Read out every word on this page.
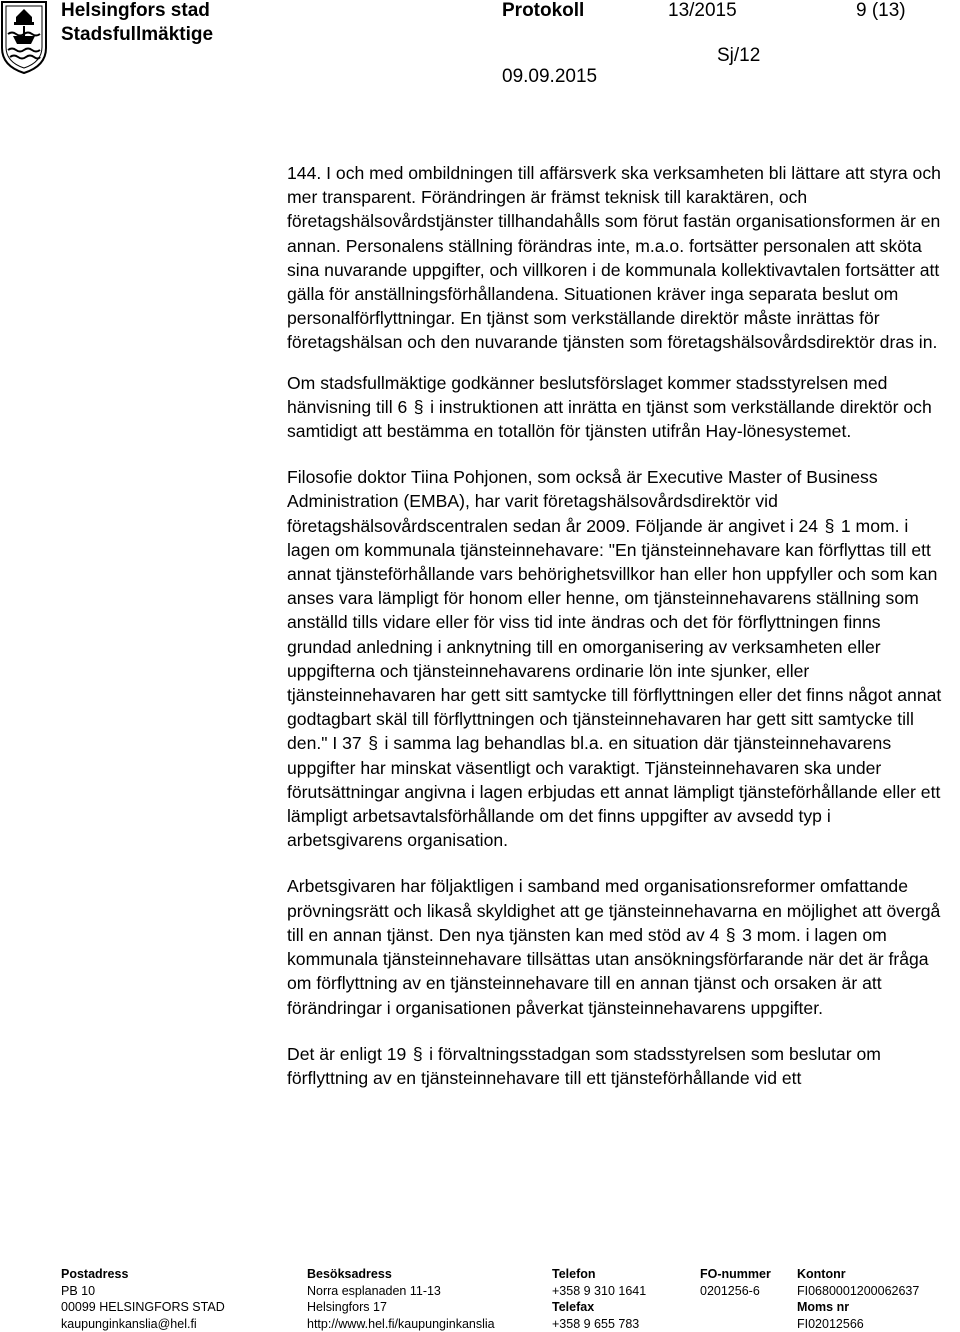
Helsingfors stad
Stadsfullmäktige
Protokoll	13/2015	9 (13)
Sj/12
09.09.2015

144. I och med ombildningen till affärsverk ska verksamheten bli lättare att styra och mer transparent. Förändringen är främst teknisk till karaktären, och företagshälsovårdstjänster tillhandahålls som förut fastän organisationsformen är en annan. Personalens ställning förändras inte, m.a.o. fortsätter personalen att sköta sina nuvarande uppgifter, och villkoren i de kommunala kollektivavtalen fortsätter att gälla för anställningsförhållandena. Situationen kräver inga separata beslut om personalförflyttningar. En tjänst som verkställande direktör måste inrättas för företagshälsan och den nuvarande tjänsten som företagshälsovårdsdirektör dras in.

Om stadsfullmäktige godkänner beslutsförslaget kommer stadsstyrelsen med hänvisning till 6 § i instruktionen att inrätta en tjänst som verkställande direktör och samtidigt att bestämma en totallön för tjänsten utifrån Hay-lönesystemet.

Filosofie doktor Tiina Pohjonen, som också är Executive Master of Business Administration (EMBA), har varit företagshälsovårdsdirektör vid företagshälsovårdscentralen sedan år 2009. Följande är angivet i 24 § 1 mom. i lagen om kommunala tjänsteinnehavare: "En tjänsteinnehavare kan förflyttas till ett annat tjänsteförhållande vars behörighetsvillkor han eller hon uppfyller och som kan anses vara lämpligt för honom eller henne, om tjänsteinnehavarens ställning som anställd tills vidare eller för viss tid inte ändras och det för förflyttningen finns grundad anledning i anknytning till en omorganisering av verksamheten eller uppgifterna och tjänsteinnehavarens ordinarie lön inte sjunker, eller tjänsteinnehavaren har gett sitt samtycke till förflyttningen eller det finns något annat godtagbart skäl till förflyttningen och tjänsteinnehavaren har gett sitt samtycke till den." I 37 § i samma lag behandlas bl.a. en situation där tjänsteinnehavarens uppgifter har minskat väsentligt och varaktigt. Tjänsteinnehavaren ska under förutsättningar angivna i lagen erbjudas ett annat lämpligt tjänsteförhållande eller ett lämpligt arbetsavtalsförhållande om det finns uppgifter av avsedd typ i arbetsgivarens organisation.

Arbetsgivaren har följaktligen i samband med organisationsreformer omfattande prövningsrätt och likaså skyldighet att ge tjänsteinnehavarna en möjlighet att övergå till en annan tjänst. Den nya tjänsten kan med stöd av 4 § 3 mom. i lagen om kommunala tjänsteinnehavare tillsättas utan ansökningsförfarande när det är fråga om förflyttning av en tjänsteinnehavare till en annan tjänst och orsaken är att förändringar i organisationen påverkat tjänsteinnehavarens uppgifter.

Det är enligt 19 § i förvaltningsstadgan som stadsstyrelsen som beslutar om förflyttning av en tjänsteinnehavare till ett tjänsteförhållande vid ett

Postadress
PB 10
00099 HELSINGFORS STAD
kaupunginkanslia@hel.fi
Besöksadress
Norra esplanaden 11-13
Helsingfors 17
http://www.hel.fi/kaupunginkanslia
Telefon
+358 9 310 1641
Telefax
+358 9 655 783
FO-nummer
0201256-6
Kontonr
FI0680001200062637
Moms nr
FI02012566
